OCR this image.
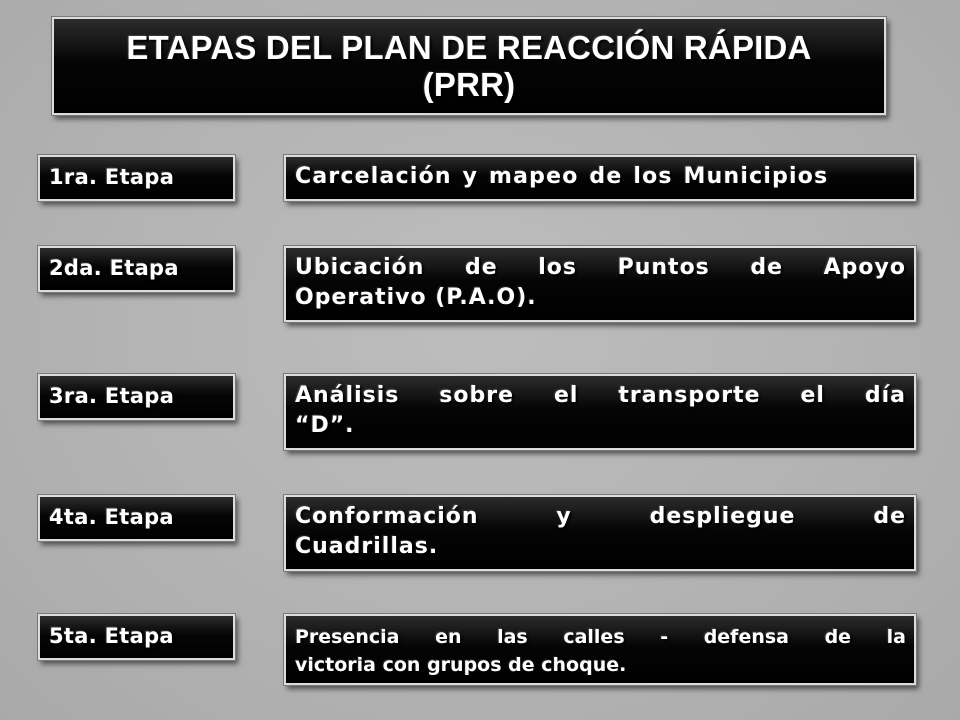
ETAPAS DEL PLAN DE REACCIÓN RÁPIDA
(PRR)
1ra. Etapa	Carcelación y mapeo de los Municipios
2da. Etapa	Ubicación de los Puntos de Apoyo
Operativo (P.A.O).
3ra. Etapa	Análisis sobre el transporte el día
“D”.
4ta. Etapa	Conformación y despliegue de
Cuadrillas.
5ta. Etapa	Presencia en las calles - defensa de la
victoria con grupos de choque.
